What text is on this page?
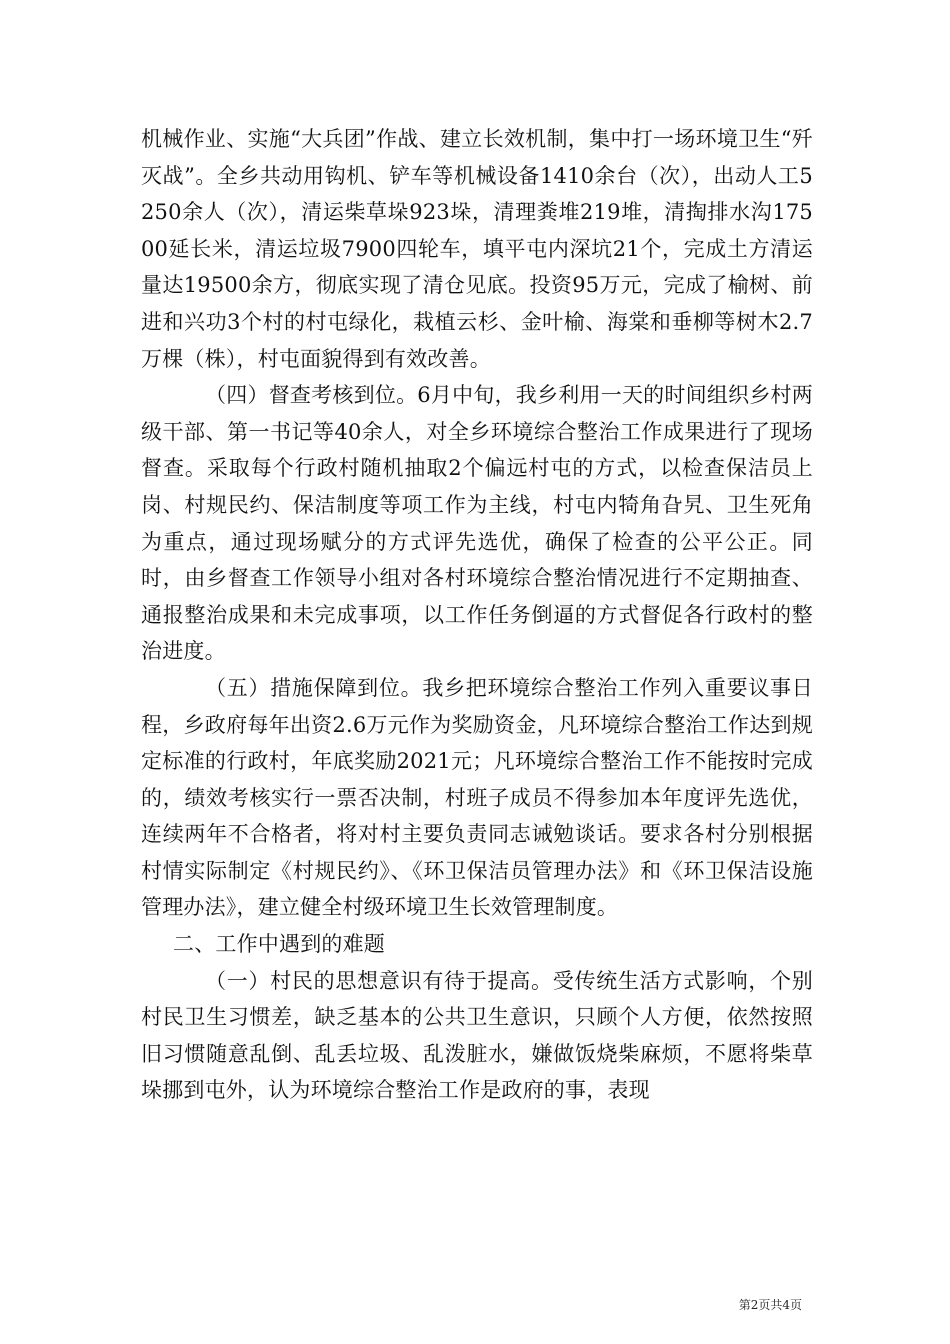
机械作业、实施“大兵团”作战、建立长效机制，集中打一场环境卫生“歼灭战”。全乡共动用钩机、铲车等机械设备1410余台（次），出动人工5250余人（次），清运柴草垛923垛，清理粪堆219堆，清掏排水沟17500延长米，清运垃圾7900四轮车，填平屯内深坑21个，完成土方清运量达19500余方，彻底实现了清仓见底。投资95万元，完成了榆树、前进和兴功3个村的村屯绿化，栽植云杉、金叶榆、海棠和垂柳等树木2.7万棵（株），村屯面貌得到有效改善。

（四）督查考核到位。6月中旬，我乡利用一天的时间组织乡村两级干部、第一书记等40余人，对全乡环境综合整治工作成果进行了现场督查。采取每个行政村随机抽取2个偏远村屯的方式，以检查保洁员上岗、村规民约、保洁制度等项工作为主线，村屯内犄角旮旯、卫生死角为重点，通过现场赋分的方式评先选优，确保了检查的公平公正。同时，由乡督查工作领导小组对各村环境综合整治情况进行不定期抽查、通报整治成果和未完成事项，以工作任务倒逼的方式督促各行政村的整治进度。

（五）措施保障到位。我乡把环境综合整治工作列入重要议事日程，乡政府每年出资2.6万元作为奖励资金，凡环境综合整治工作达到规定标准的行政村，年底奖励2021元；凡环境综合整治工作不能按时完成的，绩效考核实行一票否决制，村班子成员不得参加本年度评先选优，连续两年不合格者，将对村主要负责同志诫勉谈话。要求各村分别根据村情实际制定《村规民约》、《环卫保洁员管理办法》和《环卫保洁设施管理办法》，建立健全村级环境卫生长效管理制度。

二、工作中遇到的难题

（一）村民的思想意识有待于提高。受传统生活方式影响，个别村民卫生习惯差，缺乏基本的公共卫生意识，只顾个人方便，依然按照旧习惯随意乱倒、乱丢垃圾、乱泼脏水，嫌做饭烧柴麻烦，不愿将柴草垛挪到屯外，认为环境综合整治工作是政府的事，表现

第2页共4页
